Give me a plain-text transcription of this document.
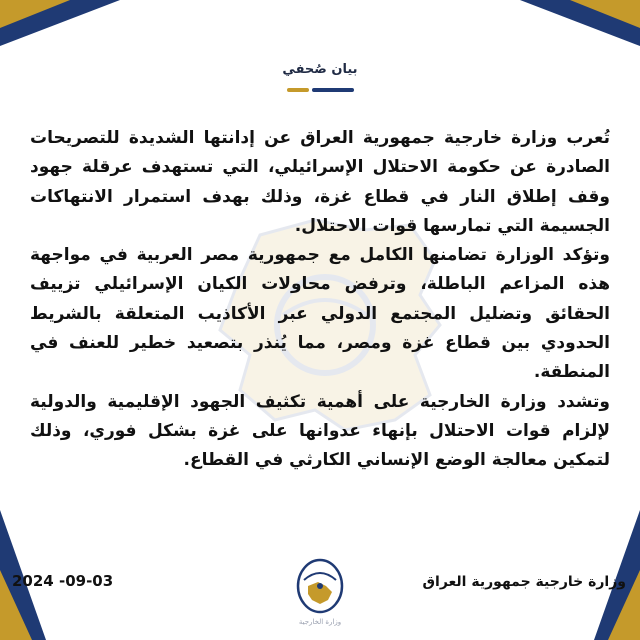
بيان صُحفي

تُعرب وزارة خارجية جمهورية العراق عن إدانتها الشديدة للتصريحات الصادرة عن حكومة الاحتلال الإسرائيلي، التي تستهدف عرقلة جهود وقف إطلاق النار في قطاع غزة، وذلك بهدف استمرار الانتهاكات الجسيمة التي تمارسها قوات الاحتلال.

وتؤكد الوزارة تضامنها الكامل مع جمهورية مصر العربية في مواجهة هذه المزاعم الباطلة، وترفض محاولات الكيان الإسرائيلي تزييف الحقائق وتضليل المجتمع الدولي عبر الأكاذيب المتعلقة بالشريط الحدودي بين قطاع غزة ومصر، مما يُنذر بتصعيد خطير للعنف في المنطقة.

وتشدد وزارة الخارجية على أهمية تكثيف الجهود الإقليمية والدولية لإلزام قوات الاحتلال بإنهاء عدوانها على غزة بشكل فوري، وذلك لتمكين معالجة الوضع الإنساني الكارثي في القطاع.

2024 -09-03	وزارة خارجية جمهورية العراق
وزارة الخارجية
